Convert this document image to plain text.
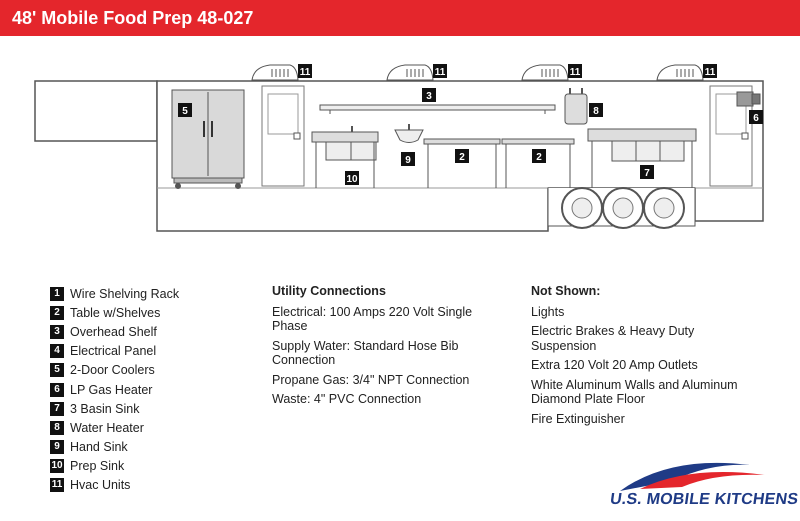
48' Mobile Food Prep 48-027
11	11	11	11
5
3
10
9	2	2
8
7
6
1 Wire Shelving Rack
2 Table w/Shelves
3 Overhead Shelf
4 Electrical Panel
5 2-Door Coolers
6 LP Gas Heater
7 3 Basin Sink
8 Water Heater
9 Hand Sink
10 Prep Sink
11 Hvac Units
Utility Connections
Electrical: 100 Amps 220 Volt Single Phase
Supply Water: Standard Hose Bib Connection
Propane Gas: 3/4" NPT Connection
Waste: 4" PVC Connection
Not Shown:
Lights
Electric Brakes & Heavy Duty Suspension
Extra 120 Volt 20 Amp Outlets
White Aluminum Walls and Aluminum Diamond Plate Floor
Fire Extinguisher
U.S. MOBILE KITCHENS
